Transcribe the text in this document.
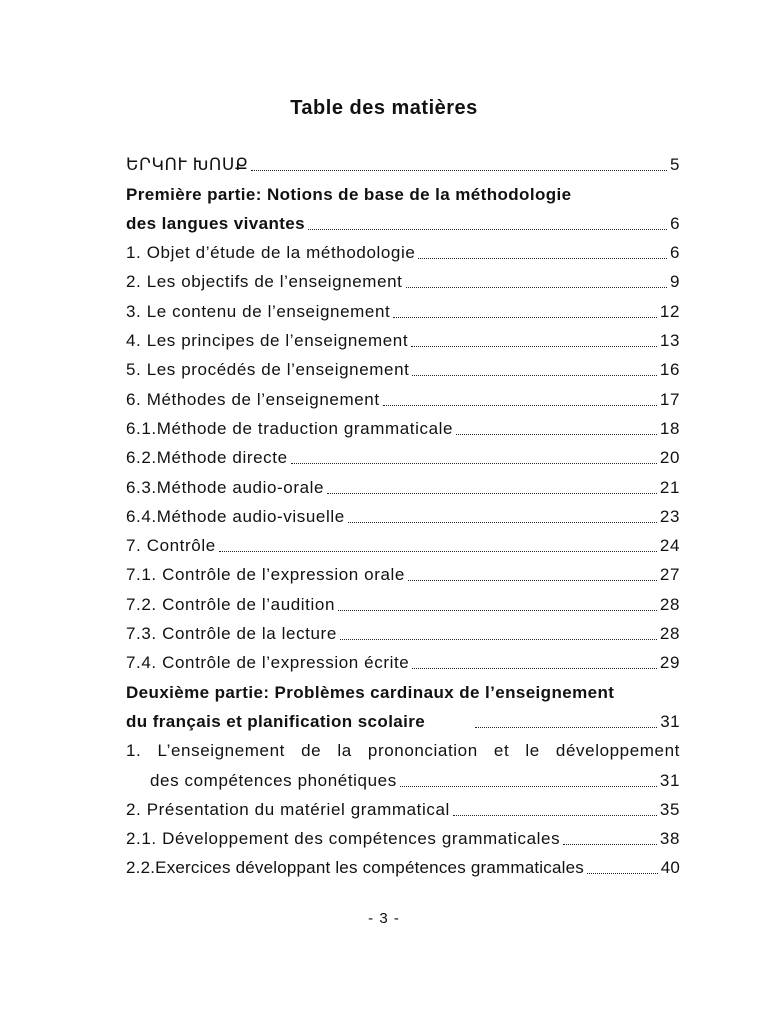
Table des matières
ԵՐԿՈՒ ԽՈՍՔ	5
Première partie: Notions de base de la méthodologie
des langues vivantes	6
1. Objet d’étude de la méthodologie	6
2. Les objectifs de l’enseignement	9
3. Le contenu de l’enseignement	12
4. Les principes de l’enseignement	13
5. Les procédés de l’enseignement	16
6. Méthodes de l’enseignement	17
6.1.Méthode de traduction grammaticale	18
6.2.Méthode directe	20
6.3.Méthode audio-orale	21
6.4.Méthode audio-visuelle	23
7. Contrôle	24
7.1. Contrôle de l’expression orale	27
7.2. Contrôle de l’audition	28
7.3. Contrôle de la lecture	28
7.4. Contrôle de l’expression écrite	29
Deuxième partie: Problèmes cardinaux de l’enseignement
du français et planification scolaire	31
1. L’enseignement de la prononciation et le développement
des compétences phonétiques	31
2. Présentation du matériel grammatical	35
2.1. Développement des compétences grammaticales	38
2.2.Exercices développant les compétences grammaticales	40
- 3 -
